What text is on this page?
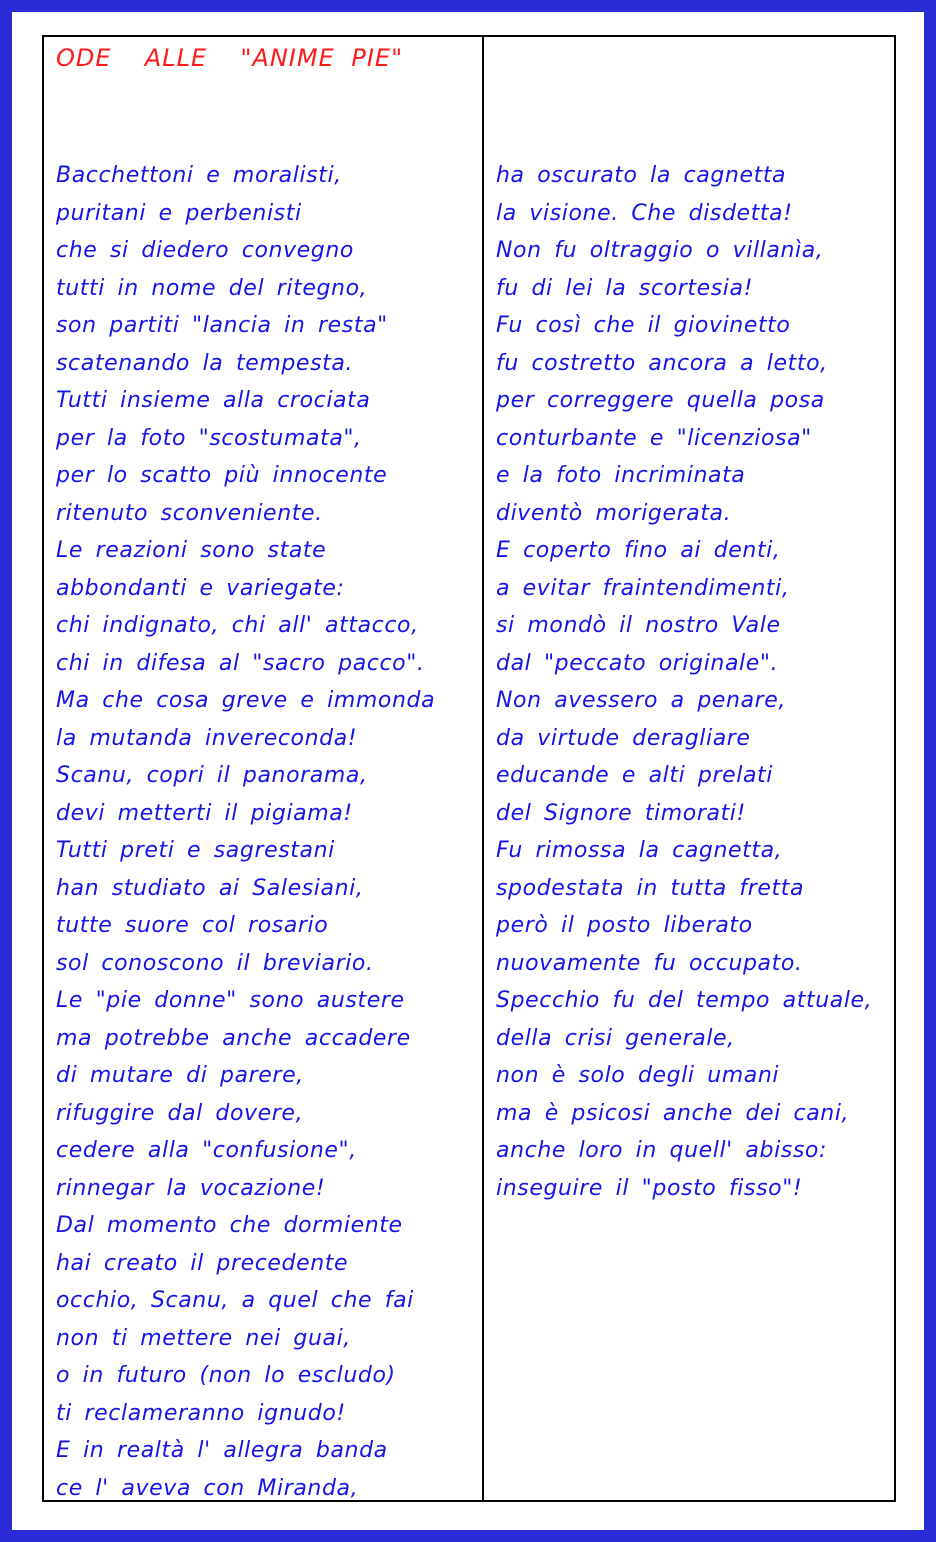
ODE  ALLE  "ANIME PIE"
Bacchettoni e moralisti,
puritani e perbenisti
che si diedero convegno
tutti in nome del ritegno,
son partiti "lancia in resta"
scatenando la tempesta.
Tutti insieme alla crociata
per la foto "scostumata",
per lo scatto più innocente
ritenuto sconveniente.
Le reazioni sono state
abbondanti e variegate:
chi indignato, chi all' attacco,
chi in difesa al "sacro pacco".
Ma che cosa greve e immonda
la mutanda invereconda!
Scanu, copri il panorama,
devi metterti il pigiama!
Tutti preti e sagrestani
han studiato ai Salesiani,
tutte suore col rosario
sol conoscono il breviario.
Le "pie donne" sono austere
ma potrebbe anche accadere
di mutare di parere,
rifuggire dal dovere,
cedere alla "confusione",
rinnegar la vocazione!
Dal momento che dormiente
hai creato il precedente
occhio, Scanu, a quel che fai
non ti mettere nei guai,
o in futuro (non lo escludo)
ti reclameranno ignudo!
E in realtà l' allegra banda
ce l' aveva con Miranda,
ha oscurato la cagnetta
la visione. Che disdetta!
Non fu oltraggio o villanìa,
fu di lei la scortesia!
Fu così che il giovinetto
fu costretto ancora a letto,
per correggere quella posa
conturbante e "licenziosa"
e la foto incriminata
diventò morigerata.
E coperto fino ai denti,
a evitar fraintendimenti,
si mondò il nostro Vale
dal "peccato originale".
Non avessero a penare,
da virtude deragliare
educande e alti prelati
del Signore timorati!
Fu rimossa la cagnetta,
spodestata in tutta fretta
però il posto liberato
nuovamente fu occupato.
Specchio fu del tempo attuale,
della crisi generale,
non è solo degli umani
ma è psicosi anche dei cani,
anche loro in quell' abisso:
inseguire il "posto fisso"!
